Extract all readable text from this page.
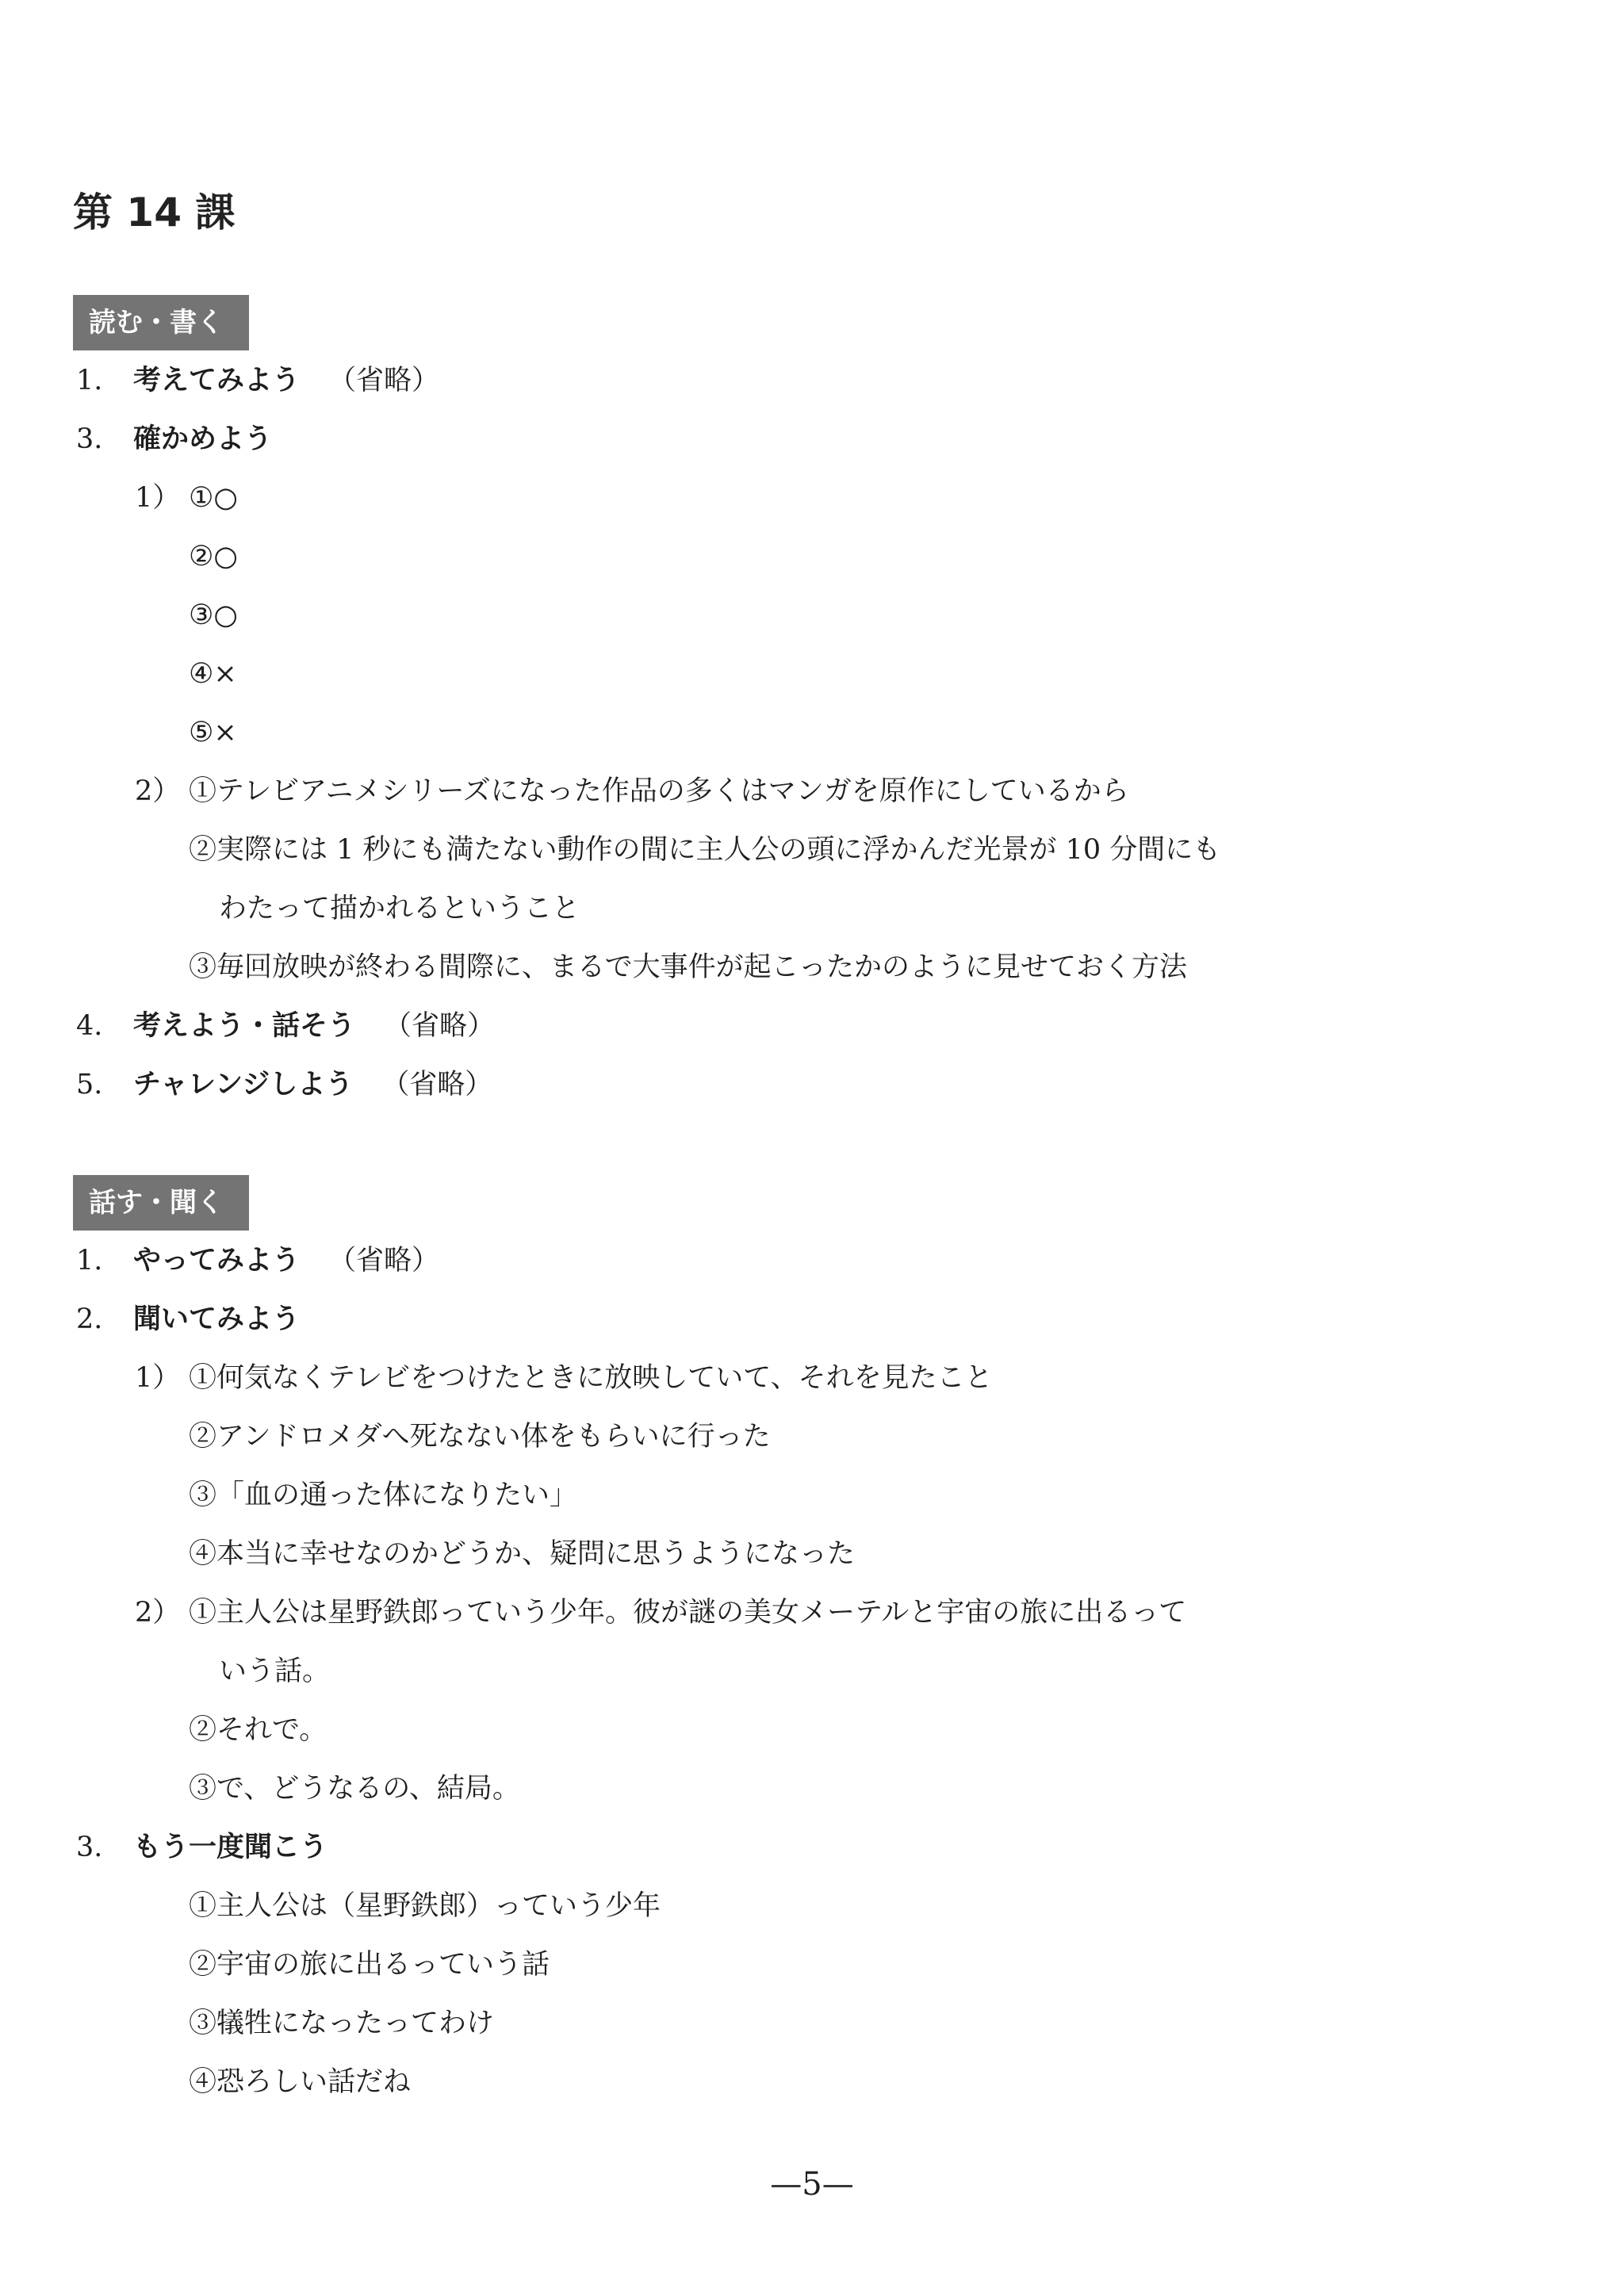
第 14 課
読む・書く
1. 考えてみよう （省略）
3. 確かめよう
1） ①○
②○
③○
④×
⑤×
2） ①テレビアニメシリーズになった作品の多くはマンガを原作にしているから
②実際には 1 秒にも満たない動作の間に主人公の頭に浮かんだ光景が 10 分間にも
わたって描かれるということ
③毎回放映が終わる間際に、まるで大事件が起こったかのように見せておく方法
4. 考えよう・話そう （省略）
5. チャレンジしよう （省略）
話す・聞く
1. やってみよう （省略）
2. 聞いてみよう
1） ①何気なくテレビをつけたときに放映していて、それを見たこと
②アンドロメダへ死なない体をもらいに行った
③「血の通った体になりたい」
④本当に幸せなのかどうか、疑問に思うようになった
2） ①主人公は星野鉄郎っていう少年。彼が謎の美女メーテルと宇宙の旅に出るって
いう話。
②それで。
③で、どうなるの、結局。
3. もう一度聞こう
①主人公は（星野鉄郎）っていう少年
②宇宙の旅に出るっていう話
③犠牲になったってわけ
④恐ろしい話だね
—5—
